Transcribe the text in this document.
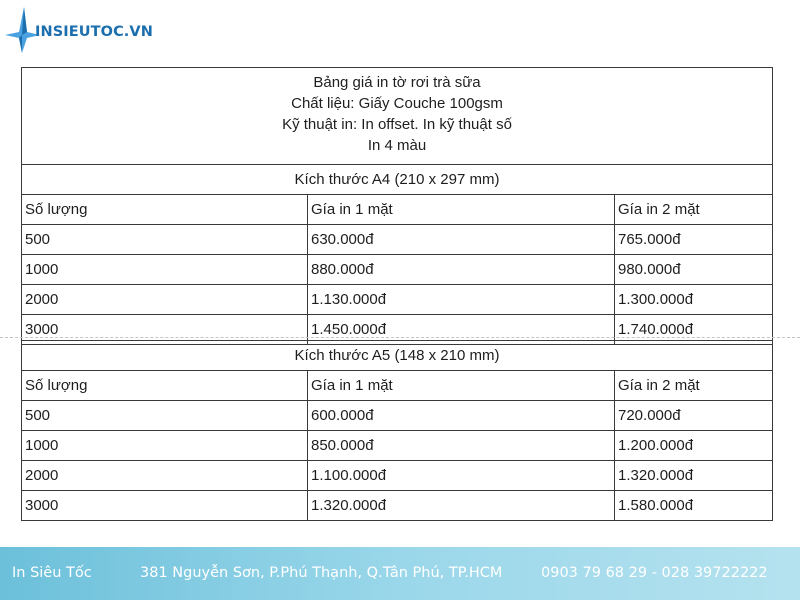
INSIEUTOC.VN
Bảng giá in tờ rơi trà sữa
Chất liệu: Giấy Couche 100gsm
Kỹ thuật in: In offset. In kỹ thuật số
In 4 màu		

Kích thước A4 (210 x 297 mm)		
Số lượng	Gía in 1 mặt	Gía in 2 mặt
500	630.000đ	765.000đ
1000	880.000đ	980.000đ
2000	1.130.000đ	1.300.000đ
3000	1.450.000đ	1.740.000đ
Kích thước A5 (148 x 210 mm)		
Số lượng	Gía in 1 mặt	Gía in 2 mặt
500	600.000đ	720.000đ
1000	850.000đ	1.200.000đ
2000	1.100.000đ	1.320.000đ
3000	1.320.000đ	1.580.000đ
In Siêu Tốc	381 Nguyễn Sơn, P.Phú Thạnh, Q.Tân Phú, TP.HCM	0903 79 68 29 - 028 39722222
